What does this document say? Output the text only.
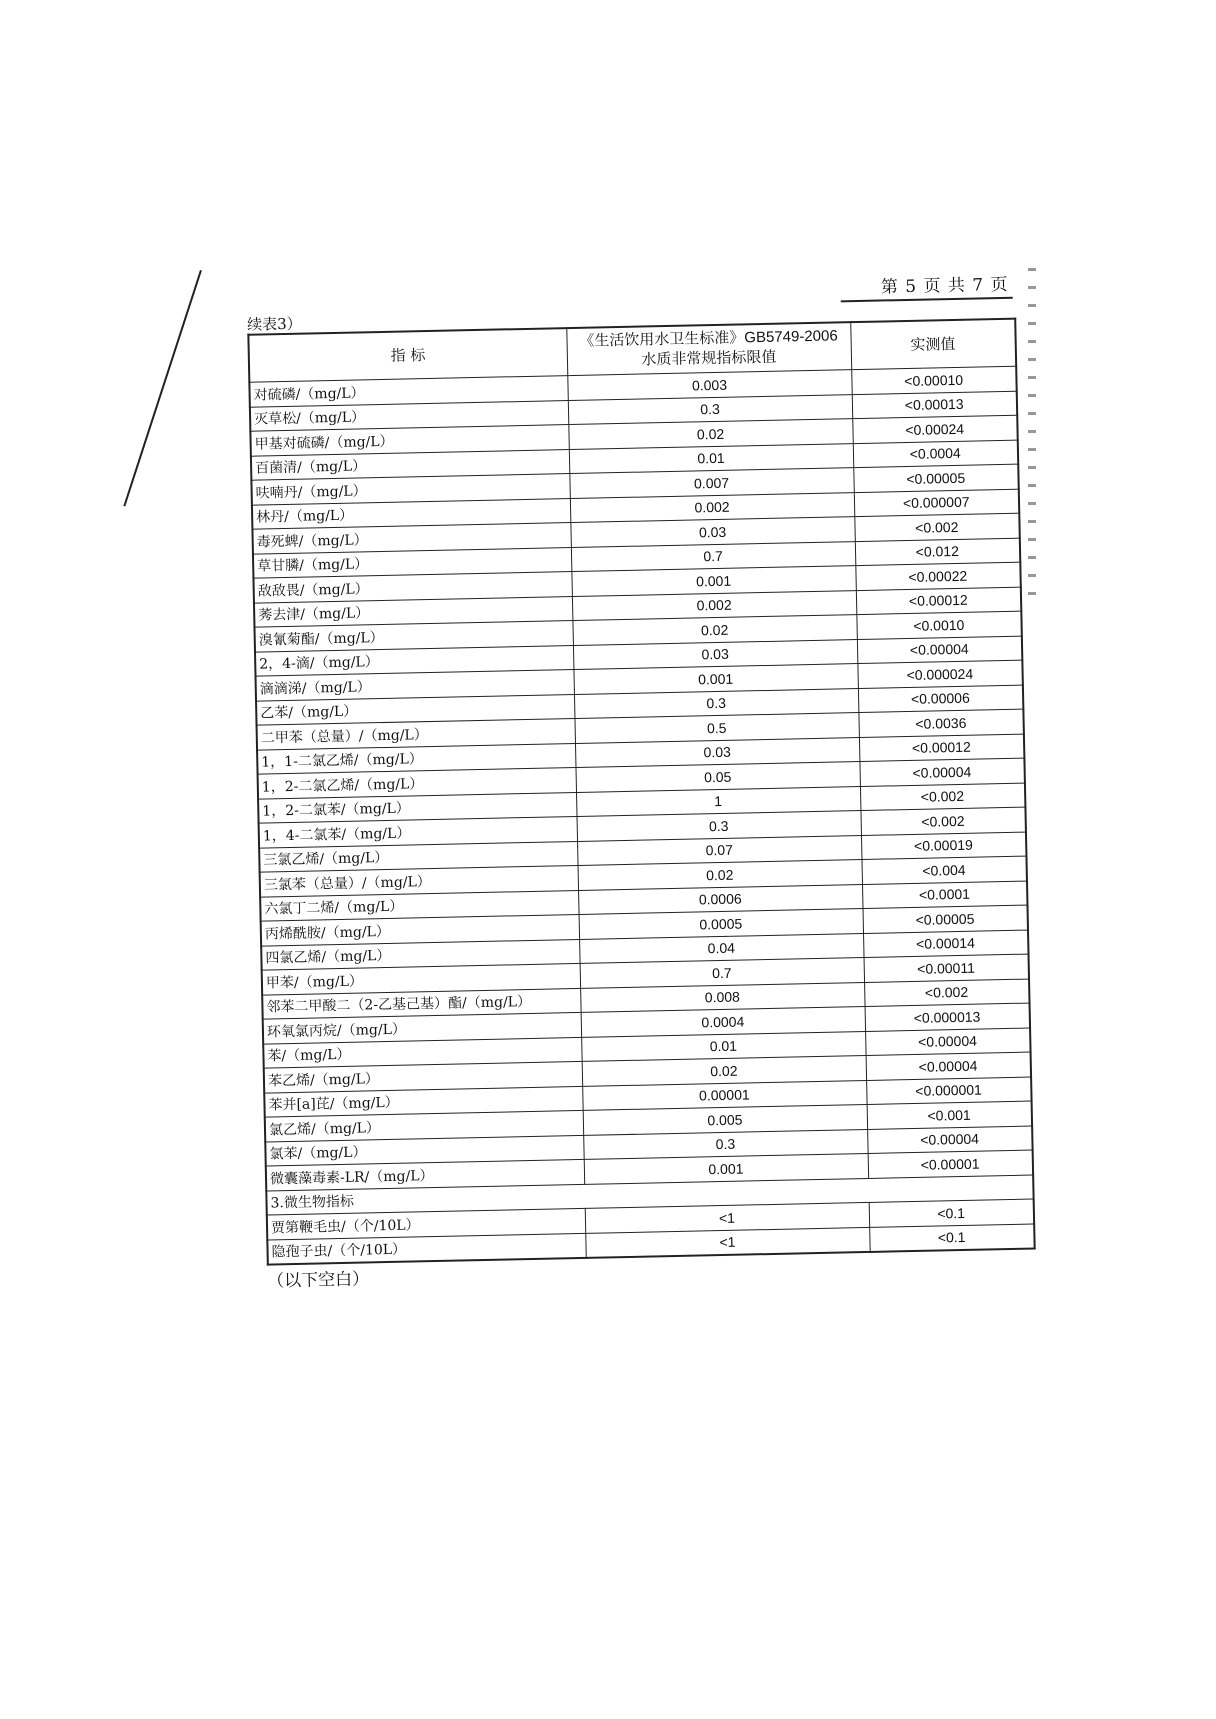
第 5 页 共 7 页
续表3）
指 标	《生活饮用水卫生标准》GB5749-2006
水质非常规指标限值	实测值
对硫磷/（mg/L）	0.003	<0.00010
灭草松/（mg/L）	0.3	<0.00013
甲基对硫磷/（mg/L）	0.02	<0.00024
百菌清/（mg/L）	0.01	<0.0004
呋喃丹/（mg/L）	0.007	<0.00005
林丹/（mg/L）	0.002	<0.000007
毒死蜱/（mg/L）	0.03	<0.002
草甘膦/（mg/L）	0.7	<0.012
敌敌畏/（mg/L）	0.001	<0.00022
莠去津/（mg/L）	0.002	<0.00012
溴氰菊酯/（mg/L）	0.02	<0.0010
2，4-滴/（mg/L）	0.03	<0.00004
滴滴涕/（mg/L）	0.001	<0.000024
乙苯/（mg/L）	0.3	<0.00006
二甲苯（总量）/（mg/L）	0.5	<0.0036
1，1-二氯乙烯/（mg/L）	0.03	<0.00012
1，2-二氯乙烯/（mg/L）	0.05	<0.00004
1，2-二氯苯/（mg/L）	1	<0.002
1，4-二氯苯/（mg/L）	0.3	<0.002
三氯乙烯/（mg/L）	0.07	<0.00019
三氯苯（总量）/（mg/L）	0.02	<0.004
六氯丁二烯/（mg/L）	0.0006	<0.0001
丙烯酰胺/（mg/L）	0.0005	<0.00005
四氯乙烯/（mg/L）	0.04	<0.00014
甲苯/（mg/L）	0.7	<0.00011
邻苯二甲酸二（2-乙基己基）酯/（mg/L）	0.008	<0.002
环氧氯丙烷/（mg/L）	0.0004	<0.000013
苯/（mg/L）	0.01	<0.00004
苯乙烯/（mg/L）	0.02	<0.00004
苯并[a]芘/（mg/L）	0.00001	<0.000001
氯乙烯/（mg/L）	0.005	<0.001
氯苯/（mg/L）	0.3	<0.00004
微囊藻毒素-LR/（mg/L）	0.001	<0.00001
3.微生物指标		
贾第鞭毛虫/（个/10L）	<1	<0.1
隐孢子虫/（个/10L）	<1	<0.1
（以下空白）
